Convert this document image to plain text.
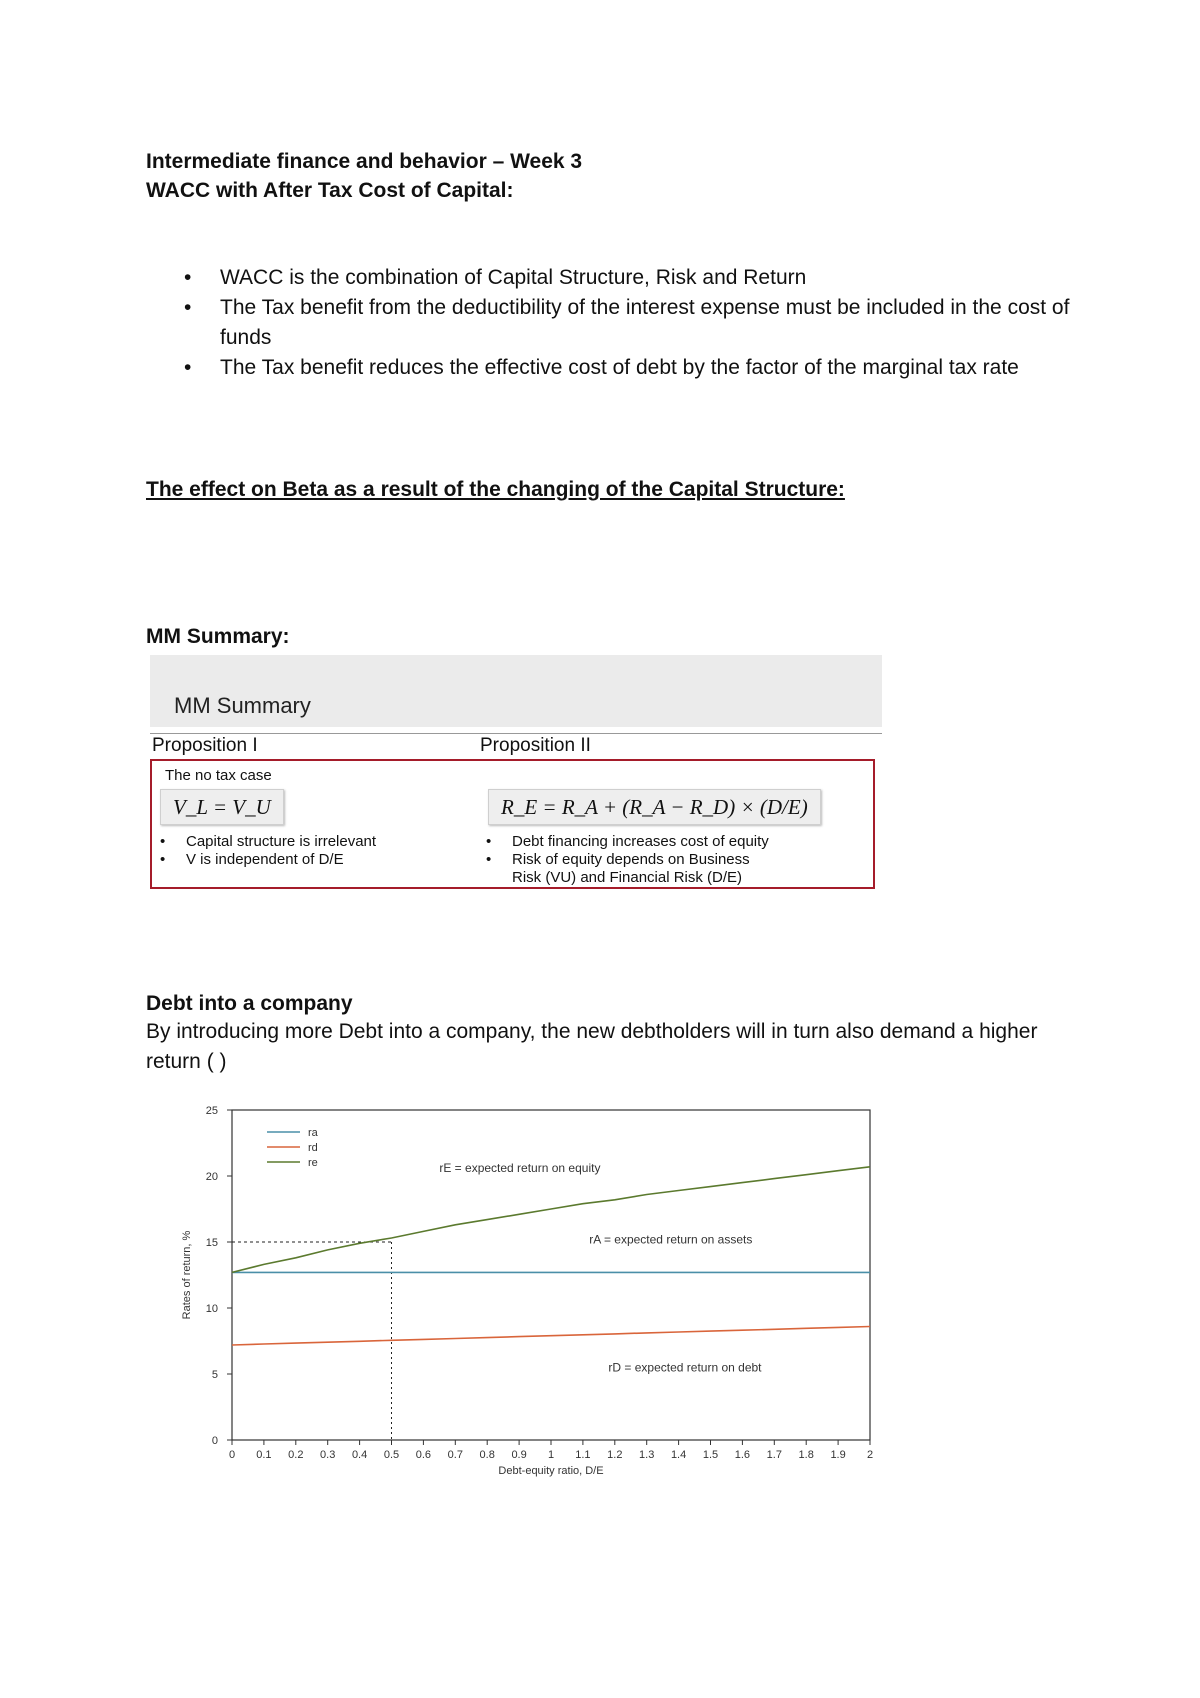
Intermediate finance and behavior – Week 3
WACC with After Tax Cost of Capital:
• WACC is the combination of Capital Structure, Risk and Return
• The Tax benefit from the deductibility of the interest expense must be included in the cost of funds
• The Tax benefit reduces the effective cost of debt by the factor of the marginal tax rate
The effect on Beta as a result of the changing of the Capital Structure:
MM Summary:
MM Summary
Proposition I	Proposition II
The no tax case
V_L = V_U	R_E = R_A + (R_A − R_D) × (D/E)
• Capital structure is irrelevant
• V is independent of D/E
• Debt financing increases cost of equity
• Risk of equity depends on Business
Risk (VU) and Financial Risk (D/E)
Debt into a company
By introducing more Debt into a company, the new debtholders will in turn also demand a higher return ( )
0
5
10
15
20
25
0 0.1 0.2 0.3 0.4 0.5 0.6 0.7 0.8 0.9 1 1.1 1.2 1.3 1.4 1.5 1.6 1.7 1.8 1.9 2
Debt-equity ratio, D/E
Rates of return, %
ra
rd
re	rE = expected return on equity
rA = expected return on assets
rD = expected return on debt
